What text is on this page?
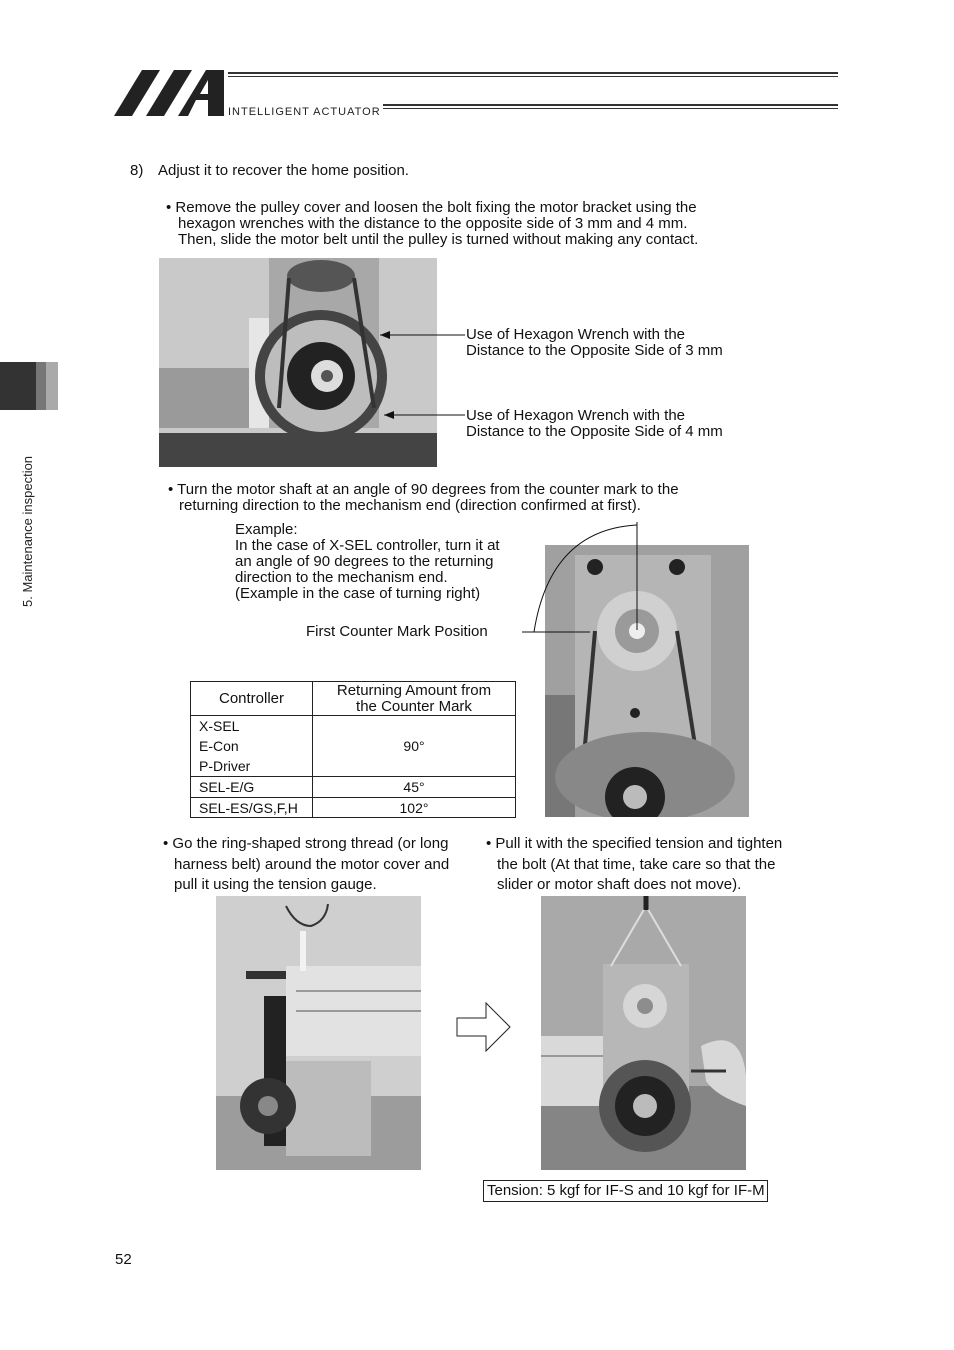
INTELLIGENT ACTUATOR
5. Maintenance inspection
8) Adjust it to recover the home position.
• Remove the pulley cover and loosen the bolt fixing the motor bracket using the
hexagon wrenches with the distance to the opposite side of 3 mm and 4 mm.
Then, slide the motor belt until the pulley is turned without making any contact.
Use of Hexagon Wrench with the
Distance to the Opposite Side of 3 mm
Use of Hexagon Wrench with the
Distance to the Opposite Side of 4 mm
• Turn the motor shaft at an angle of 90 degrees from the counter mark to the
returning direction to the mechanism end (direction confirmed at first).
Example:
In the case of X-SEL controller, turn it at
an angle of 90 degrees to the returning
direction to the mechanism end.
(Example in the case of turning right)
First Counter Mark Position
Controller	Returning Amount from
the Counter Mark

X-SEL
E-Con
P-Driver	90°
SEL-E/G	45°
SEL-ES/GS,F,H	102°
• Go the ring-shaped strong thread (or long
harness belt) around the motor cover and
pull it using the tension gauge.
• Pull it with the specified tension and tighten
the bolt (At that time, take care so that the
slider or motor shaft does not move).
Tension: 5 kgf for IF-S and 10 kgf for IF-M
52
